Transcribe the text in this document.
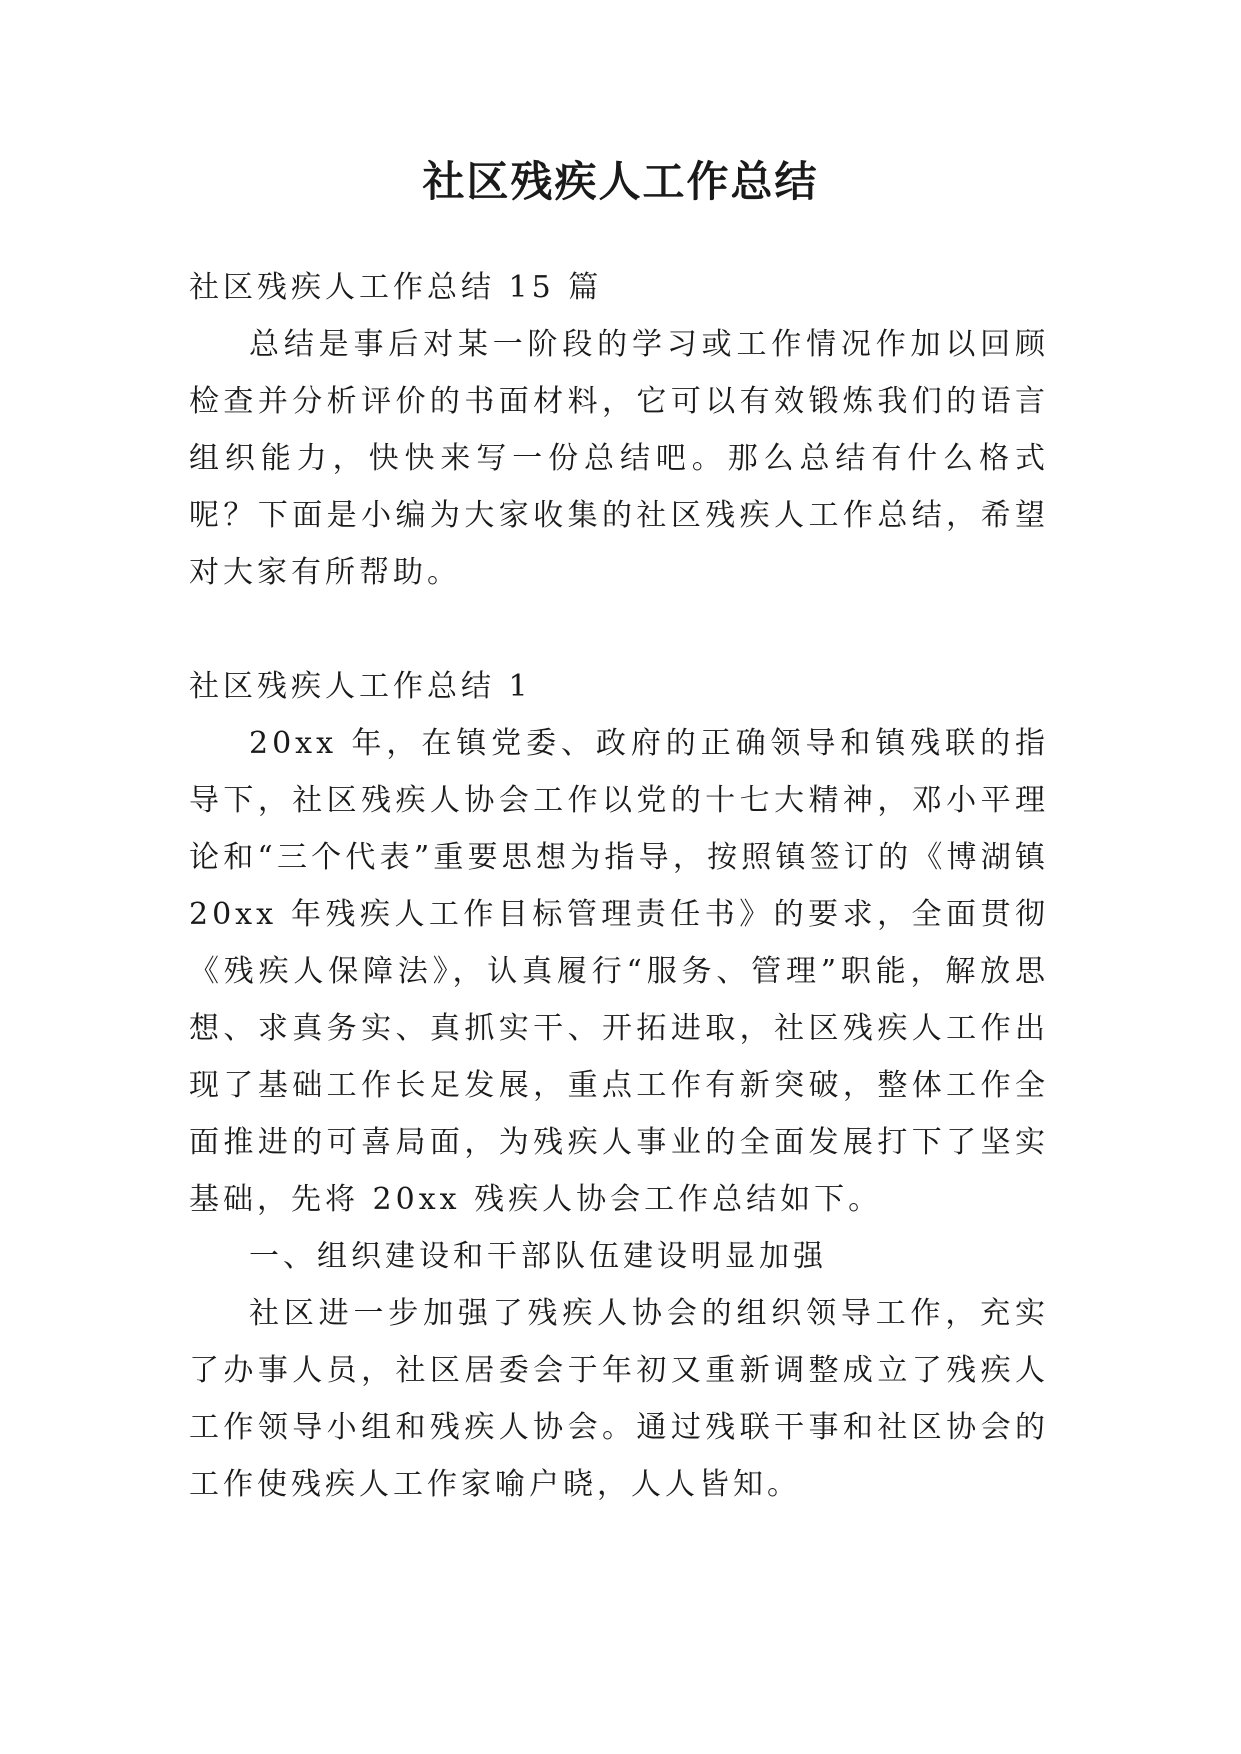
社区残疾人工作总结

社区残疾人工作总结 15 篇

总结是事后对某一阶段的学习或工作情况作加以回顾检查并分析评价的书面材料，它可以有效锻炼我们的语言组织能力，快快来写一份总结吧。那么总结有什么格式呢？下面是小编为大家收集的社区残疾人工作总结，希望对大家有所帮助。

社区残疾人工作总结 1

20xx 年，在镇党委、政府的正确领导和镇残联的指导下，社区残疾人协会工作以党的十七大精神，邓小平理论和“三个代表”重要思想为指导，按照镇签订的《博湖镇 20xx 年残疾人工作目标管理责任书》的要求，全面贯彻《残疾人保障法》，认真履行“服务、管理”职能，解放思想、求真务实、真抓实干、开拓进取，社区残疾人工作出现了基础工作长足发展，重点工作有新突破，整体工作全面推进的可喜局面，为残疾人事业的全面发展打下了坚实基础，先将 20xx 残疾人协会工作总结如下。

一、组织建设和干部队伍建设明显加强

社区进一步加强了残疾人协会的组织领导工作，充实了办事人员，社区居委会于年初又重新调整成立了残疾人工作领导小组和残疾人协会。通过残联干事和社区协会的工作使残疾人工作家喻户晓，人人皆知。
